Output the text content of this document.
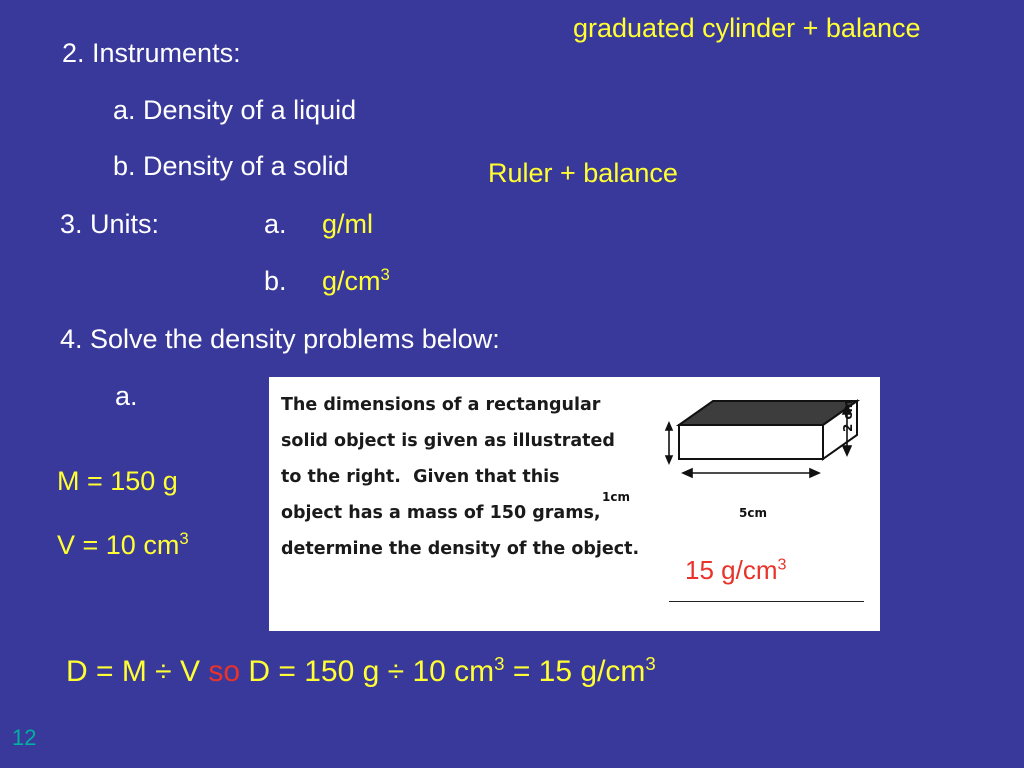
2. Instruments:
a. Density of a liquid
b. Density of a solid
3. Units:	a.
b.
4. Solve the density problems below:
a.
graduated cylinder + balance
Ruler + balance
g/ml
$g/cm^3$
M = 150 g
V = 10 $cm^3$
The dimensions of a rectangular
solid object is given as illustrated
to the right.  Given that this
object has a mass of 150 grams,
determine the density of the object.
15 $g/cm^3$
1cm
5cm
2 cm
D = M ÷ V so D = 150 g ÷ 10 $cm^3 = 15$ $g/cm^3$
12
